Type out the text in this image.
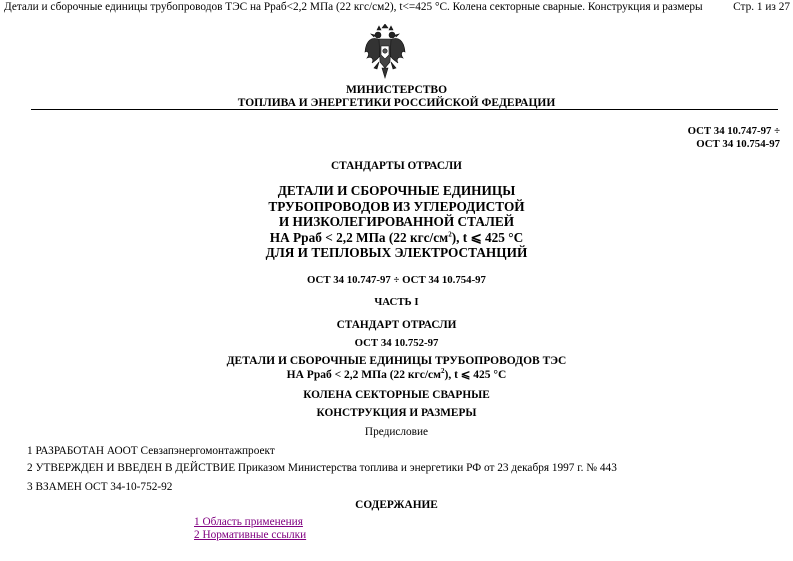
Детали и сборочные единицы трубопроводов ТЭС на Рраб<2,2 МПа (22 кгс/см2), t<=425 °С. Колена секторные сварные. Конструкция и размеры	Стр. 1 из 27
МИНИСТЕРСТВО
ТОПЛИВА И ЭНЕРГЕТИКИ РОССИЙСКОЙ ФЕДЕРАЦИИ
ОСТ 34 10.747-97 ÷
ОСТ 34 10.754-97
СТАНДАРТЫ ОТРАСЛИ
ДЕТАЛИ И СБОРОЧНЫЕ ЕДИНИЦЫ
ТРУБОПРОВОДОВ ИЗ УГЛЕРОДИСТОЙ
И НИЗКОЛЕГИРОВАННОЙ СТАЛЕЙ
НА Рраб < 2,2 МПа (22 кгс/$см^2$), t ⩽ 425 °С
ДЛЯ И ТЕПЛОВЫХ ЭЛЕКТРОСТАНЦИЙ
ОСТ 34 10.747-97 ÷ ОСТ 34 10.754-97
ЧАСТЬ I
СТАНДАРТ ОТРАСЛИ
ОСТ 34 10.752-97
ДЕТАЛИ И СБОРОЧНЫЕ ЕДИНИЦЫ ТРУБОПРОВОДОВ ТЭС
НА Рраб < 2,2 МПа (22 кгс/$см^2$), t ⩽ 425 °С
КОЛЕНА СЕКТОРНЫЕ СВАРНЫЕ
КОНСТРУКЦИЯ И РАЗМЕРЫ
Предисловие
1 РАЗРАБОТАН АООТ Севзапэнергомонтажпроект
2 УТВЕРЖДЕН И ВВЕДЕН В ДЕЙСТВИЕ Приказом Министерства топлива и энергетики РФ от 23 декабря 1997 г. № 443
3 ВЗАМЕН ОСТ 34-10-752-92
СОДЕРЖАНИЕ
1 Область применения
2 Нормативные ссылки
